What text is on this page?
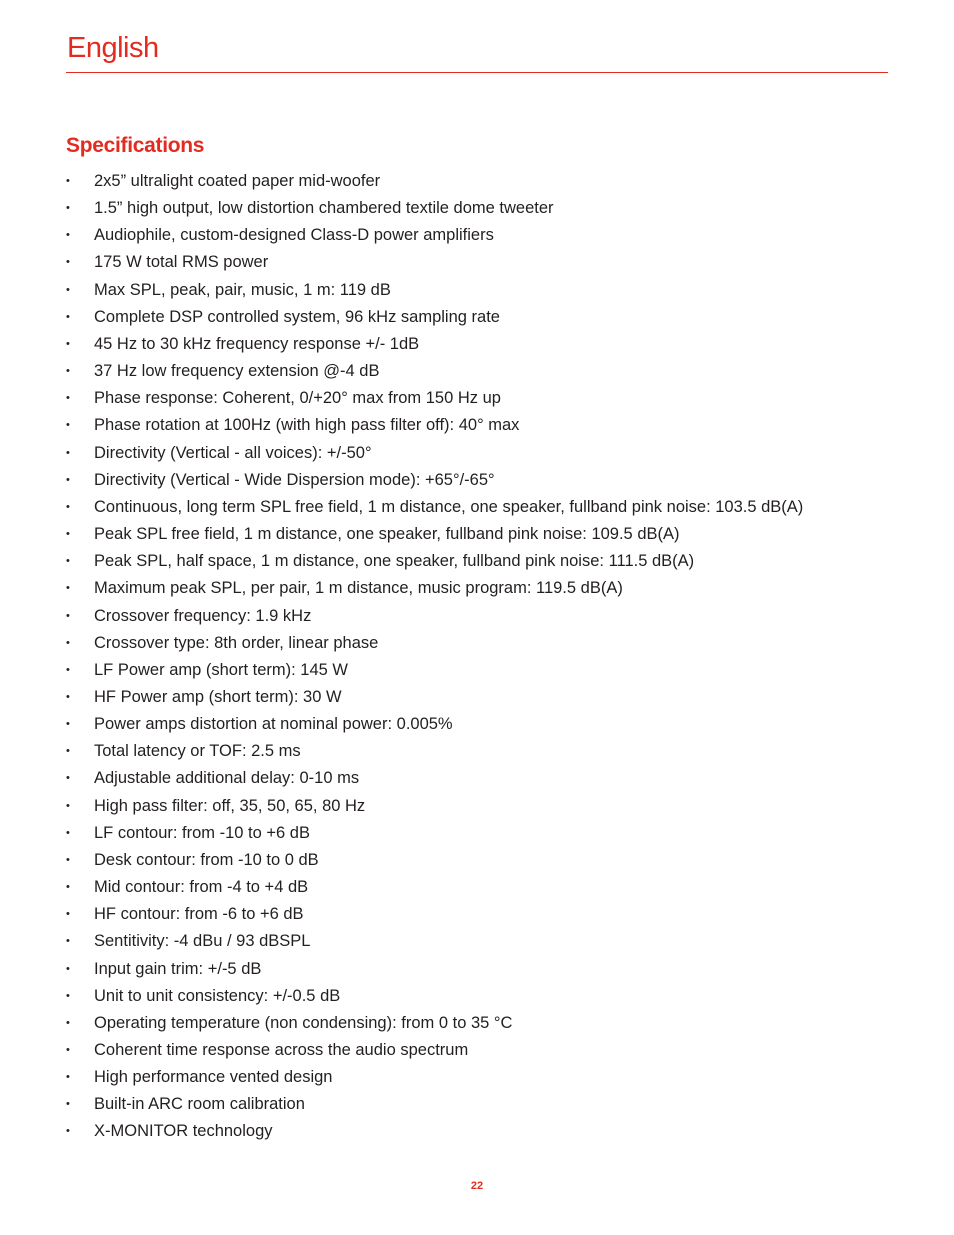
English
Specifications
•	2x5” ultralight coated paper mid-woofer
•	1.5” high output, low distortion chambered textile dome tweeter
•	Audiophile, custom-designed Class-D power amplifiers
•	175 W total RMS power
•	Max SPL, peak, pair, music, 1 m: 119 dB
•	Complete DSP controlled system, 96 kHz sampling rate
•	45 Hz to 30 kHz frequency response +/- 1dB
•	37 Hz low frequency extension @-4 dB
•	Phase response: Coherent, 0/+20° max from 150 Hz up
•	Phase rotation at 100Hz (with high pass filter off): 40° max
•	Directivity (Vertical - all voices): +/-50°
•	Directivity (Vertical - Wide Dispersion mode): +65°/-65°
•	Continuous, long term SPL free field, 1 m distance, one speaker, fullband pink noise: 103.5 dB(A)
•	Peak SPL free field, 1 m distance, one speaker, fullband pink noise: 109.5 dB(A)
•	Peak SPL, half space, 1 m distance, one speaker, fullband pink noise: 111.5 dB(A)
•	Maximum peak SPL, per pair, 1 m distance, music program: 119.5 dB(A)
•	Crossover frequency: 1.9 kHz
•	Crossover type: 8th order, linear phase
•	LF Power amp (short term): 145 W
•	HF Power amp (short term): 30 W
•	Power amps distortion at nominal power: 0.005%
•	Total latency or TOF: 2.5 ms
•	Adjustable additional delay: 0-10 ms
•	High pass filter: off, 35, 50, 65, 80 Hz
•	LF contour: from -10 to +6 dB
•	Desk contour: from -10 to 0 dB
•	Mid contour: from -4 to +4 dB
•	HF contour: from -6 to +6 dB
•	Sentitivity: -4 dBu / 93 dBSPL
•	Input gain trim: +/-5 dB
•	Unit to unit consistency: +/-0.5 dB
•	Operating temperature (non condensing): from 0 to 35 °C
•	Coherent time response across the audio spectrum
•	High performance vented design
•	Built-in ARC room calibration
•	X-MONITOR technology
22
